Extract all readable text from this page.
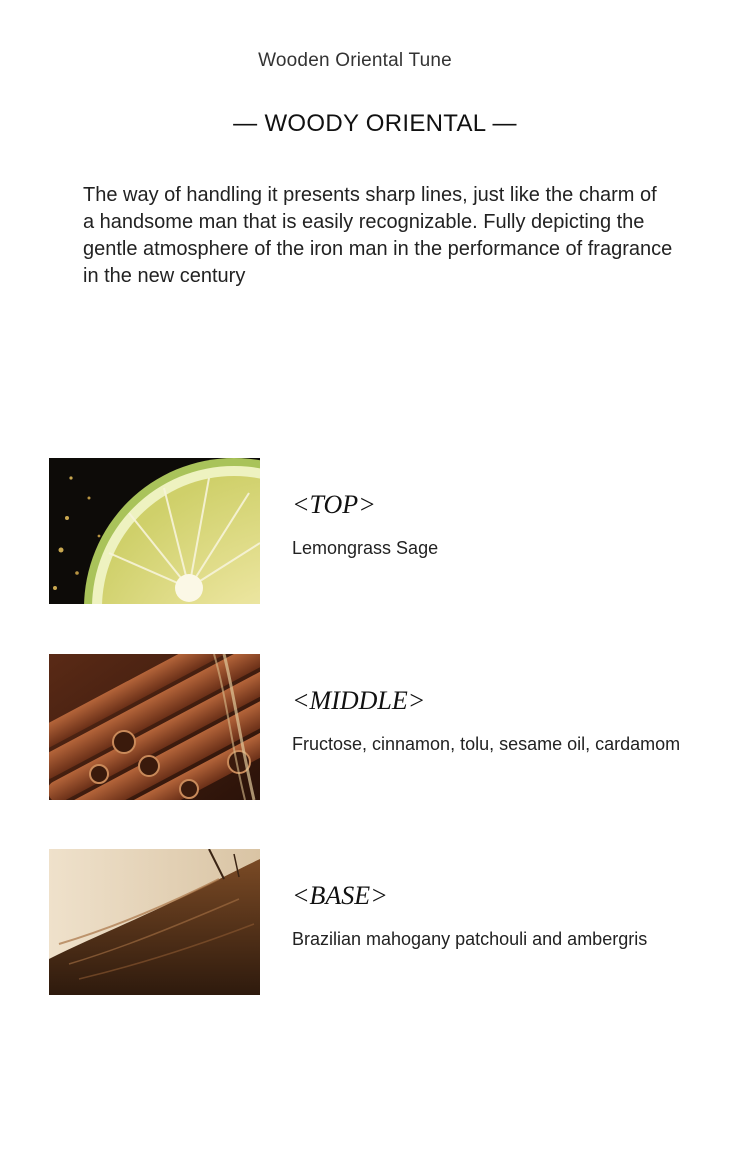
Wooden Oriental Tune
— WOODY ORIENTAL —

The way of handling it presents sharp lines, just like the charm of a handsome man that is easily recognizable. Fully depicting the gentle atmosphere of the iron man in the performance of fragrance in the new century

<TOP>
Lemongrass Sage
<MIDDLE>
Fructose, cinnamon, tolu, sesame oil, cardamom
<BASE>
Brazilian mahogany patchouli and ambergris
